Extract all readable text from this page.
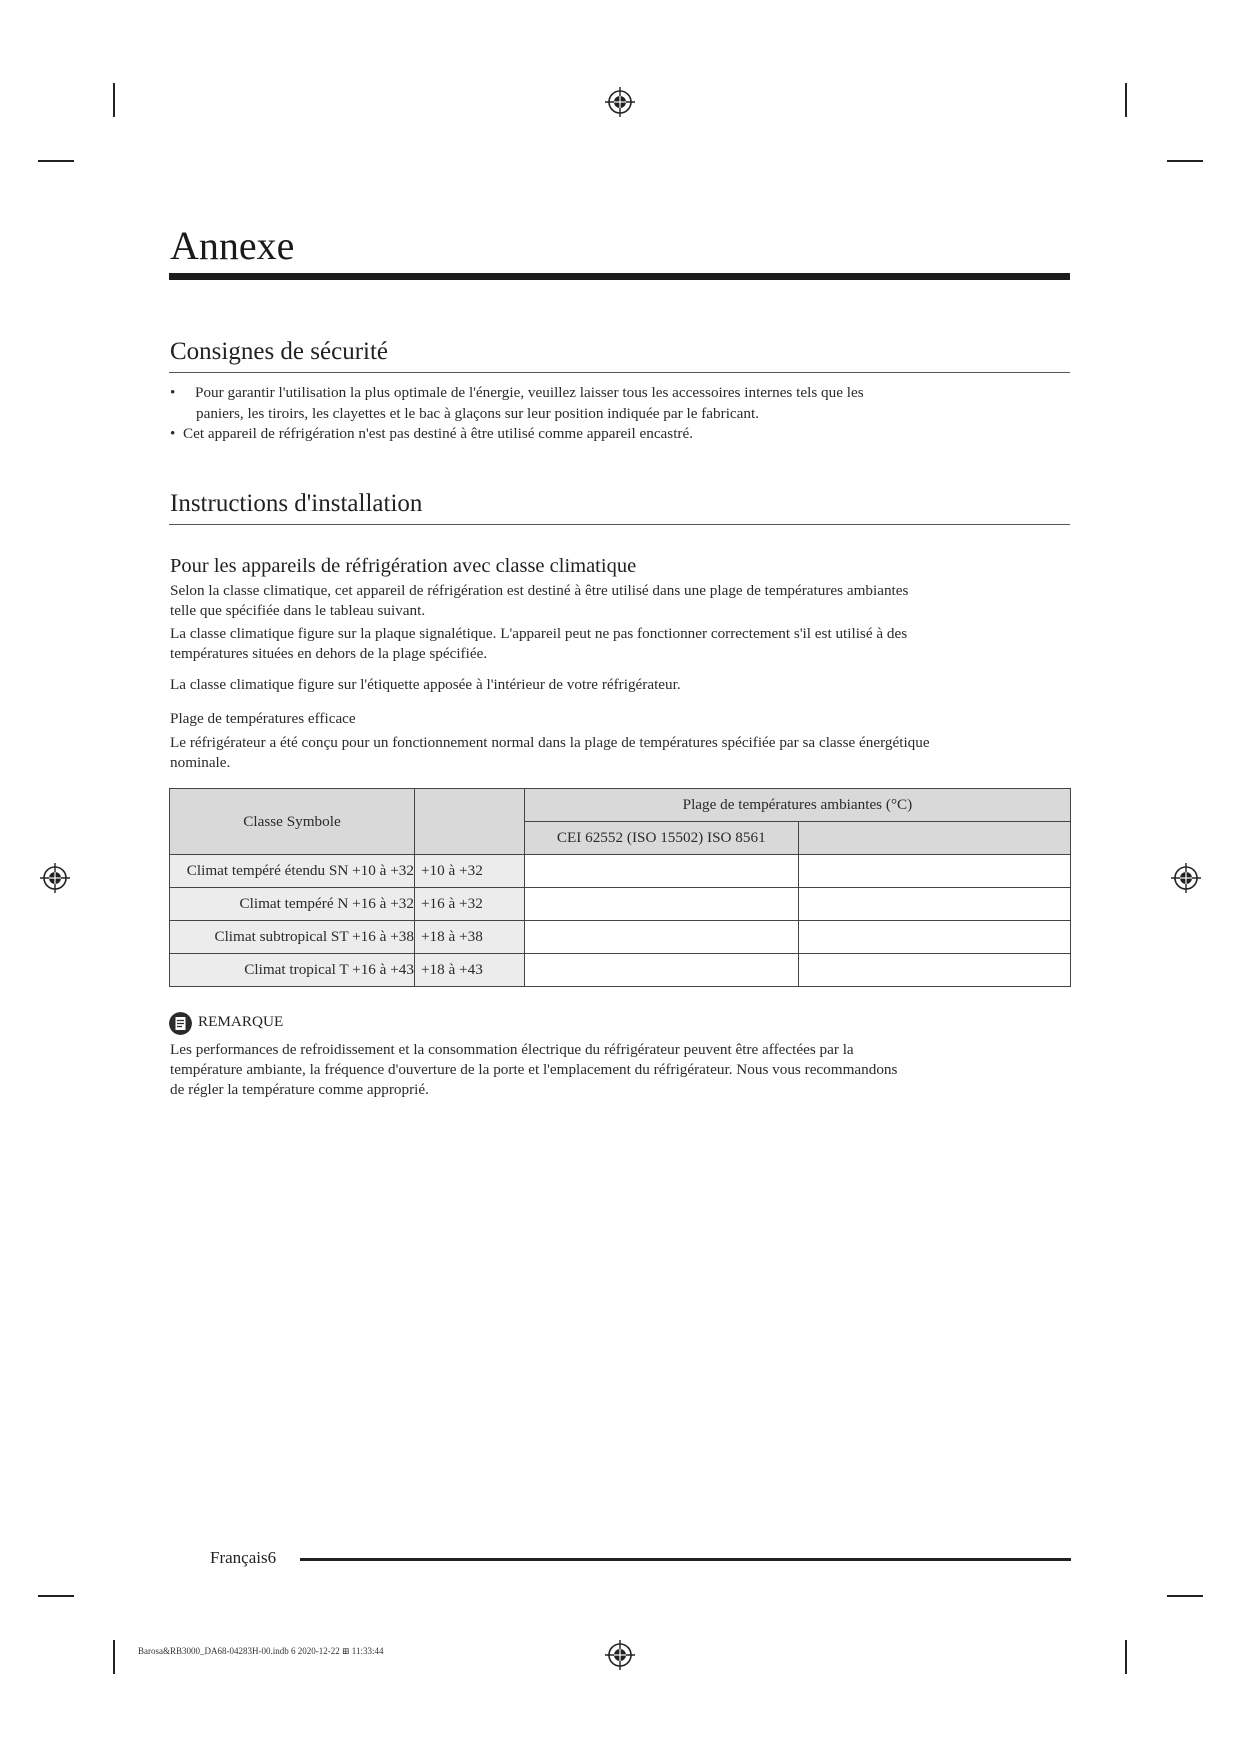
Annexe
Consignes de sécurité
• Pour garantir l'utilisation la plus optimale de l'énergie, veuillez laisser tous les accessoires internes tels que les
paniers, les tiroirs, les clayettes et le bac à glaçons sur leur position indiquée par le fabricant.
• Cet appareil de réfrigération n'est pas destiné à être utilisé comme appareil encastré.
Instructions d'installation
Pour les appareils de réfrigération avec classe climatique
Selon la classe climatique, cet appareil de réfrigération est destiné à être utilisé dans une plage de températures ambiantes telle que spécifiée dans le tableau suivant.
La classe climatique figure sur la plaque signalétique. L'appareil peut ne pas fonctionner correctement s'il est utilisé à des températures situées en dehors de la plage spécifiée.
La classe climatique figure sur l'étiquette apposée à l'intérieur de votre réfrigérateur.
Plage de températures efficace
Le réfrigérateur a été conçu pour un fonctionnement normal dans la plage de températures spécifiée par sa classe énergétique nominale.
Classe Symbole		Plage de températures ambiantes (°C)	
		CEI 62552 (ISO 15502) ISO 8561	
Climat tempéré étendu SN +10 à +32	+10 à +32		
Climat tempéré N +16 à +32	+16 à +32		
Climat subtropical ST +16 à +38	+18 à +38		
Climat tropical T +16 à +43	+18 à +43		
REMARQUE
Les performances de refroidissement et la consommation électrique du réfrigérateur peuvent être affectées par la température ambiante, la fréquence d'ouverture de la porte et l'emplacement du réfrigérateur. Nous vous recommandons de régler la température comme approprié.
Français6
Barosa&RB3000_DA68-04283H-00.indb 6 2020-12-22 ⊞ 11:33:44
